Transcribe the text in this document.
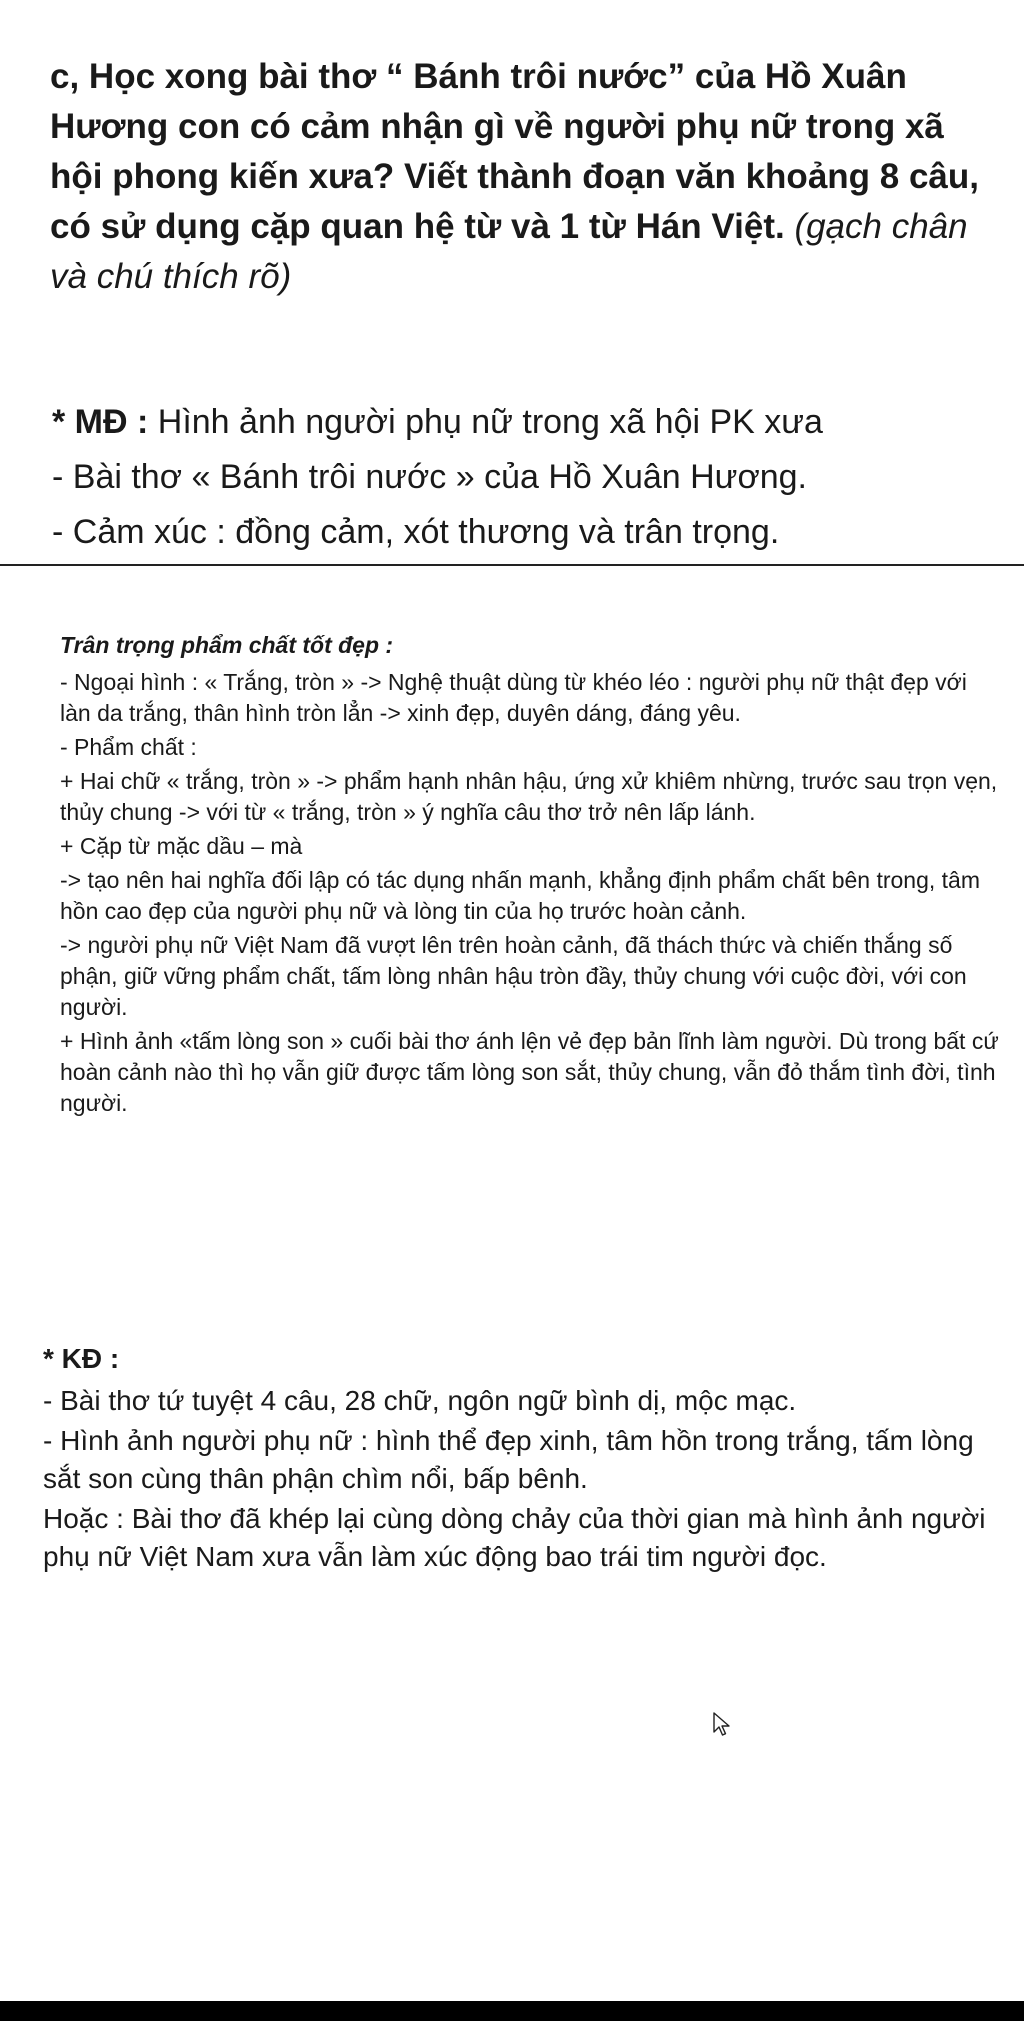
c, Học xong bài thơ “ Bánh trôi nước” của Hồ Xuân Hương con có cảm nhận gì về người phụ nữ trong xã hội phong kiến xưa? Viết thành đoạn văn khoảng 8 câu, có sử dụng cặp quan hệ từ và 1 từ Hán Việt. (gạch chân và chú thích rõ)
* MĐ : Hình ảnh người phụ nữ trong xã hội PK xưa
- Bài thơ « Bánh trôi nước » của Hồ Xuân Hương.
- Cảm xúc : đồng cảm, xót thương và trân trọng.
Trân trọng phẩm chất tốt đẹp :
- Ngoại hình : « Trắng, tròn » -> Nghệ thuật dùng từ khéo léo : người phụ nữ thật đẹp với làn da trắng, thân hình tròn lẳn -> xinh đẹp, duyên dáng, đáng yêu.
- Phẩm chất :
+ Hai chữ « trắng, tròn » -> phẩm hạnh nhân hậu, ứng xử khiêm nhừng, trước sau trọn vẹn, thủy chung -> với từ « trắng, tròn » ý nghĩa câu thơ trở nên lấp lánh.
+ Cặp từ mặc dầu – mà
-> tạo nên hai nghĩa đối lập có tác dụng nhấn mạnh, khẳng định phẩm chất bên trong, tâm hồn cao đẹp của người phụ nữ và lòng tin của họ trước hoàn cảnh.
-> người phụ nữ Việt Nam đã vượt lên trên hoàn cảnh, đã thách thức và chiến thắng số phận, giữ vững phẩm chất, tấm lòng nhân hậu tròn đầy, thủy chung với cuộc đời, với con người.
+ Hình ảnh «tấm lòng son » cuối bài thơ ánh lện vẻ đẹp bản lĩnh làm người. Dù trong bất cứ hoàn cảnh nào thì họ vẫn giữ được tấm lòng son sắt, thủy chung, vẫn đỏ thắm tình đời, tình người.
* KĐ :
- Bài thơ tứ tuyệt 4 câu, 28 chữ, ngôn ngữ bình dị, mộc mạc.
- Hình ảnh người phụ nữ : hình thể đẹp xinh, tâm hồn trong trắng, tấm lòng sắt son cùng thân phận chìm nổi, bấp bênh.
Hoặc : Bài thơ đã khép lại cùng dòng chảy của thời gian mà hình ảnh người phụ nữ Việt Nam xưa vẫn làm xúc động bao trái tim người đọc.
